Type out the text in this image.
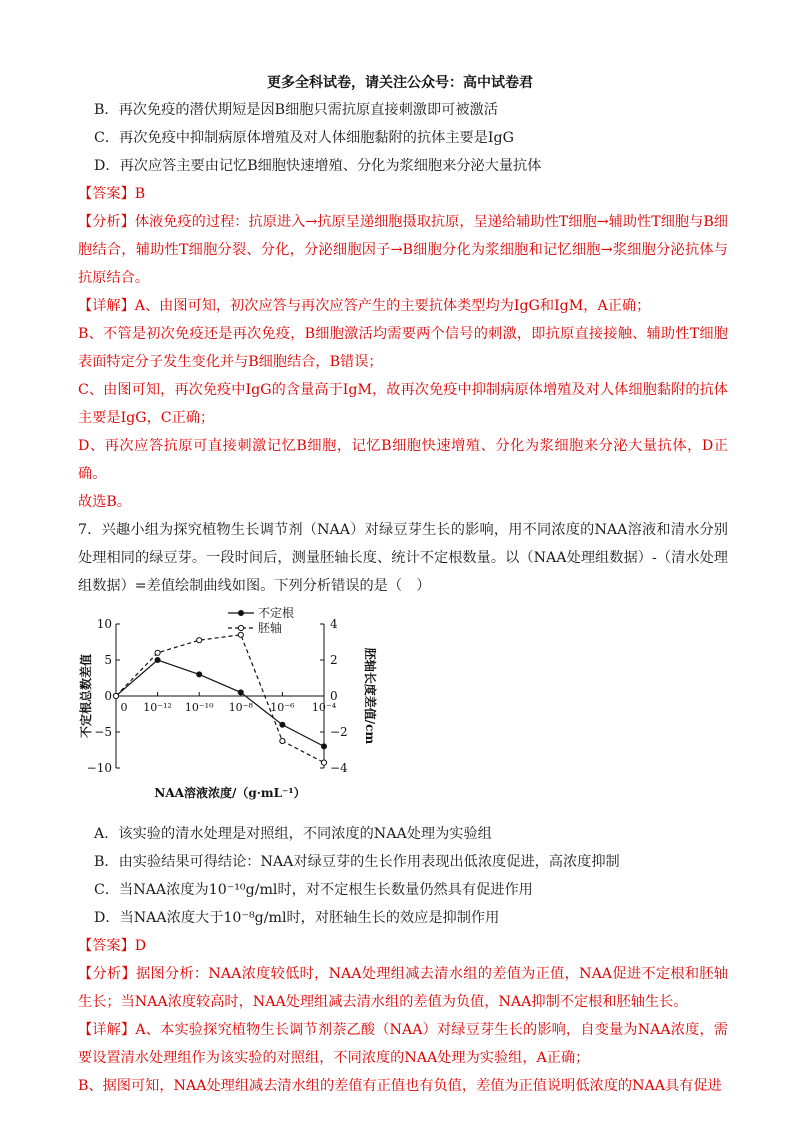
更多全科试卷，请关注公众号：高中试卷君
B．再次免疫的潜伏期短是因B细胞只需抗原直接刺激即可被激活
C．再次免疫中抑制病原体增殖及对人体细胞黏附的抗体主要是IgG
D．再次应答主要由记忆B细胞快速增殖、分化为浆细胞来分泌大量抗体
【答案】B
【分析】体液免疫的过程：抗原进入→抗原呈递细胞摄取抗原，呈递给辅助性T细胞→辅助性T细胞与B细胞结合，辅助性T细胞分裂、分化，分泌细胞因子→B细胞分化为浆细胞和记忆细胞→浆细胞分泌抗体与抗原结合。
【详解】A、由图可知，初次应答与再次应答产生的主要抗体类型均为IgG和IgM，A正确；
B、不管是初次免疫还是再次免疫，B细胞激活均需要两个信号的刺激，即抗原直接接触、辅助性T细胞表面特定分子发生变化并与B细胞结合，B错误；
C、由图可知，再次免疫中IgG的含量高于IgM，故再次免疫中抑制病原体增殖及对人体细胞黏附的抗体主要是IgG，C正确；
D、再次应答抗原可直接刺激记忆B细胞，记忆B细胞快速增殖、分化为浆细胞来分泌大量抗体，D正确。
故选B。
7．兴趣小组为探究植物生长调节剂（NAA）对绿豆芽生长的影响，用不同浓度的NAA溶液和清水分别处理相同的绿豆芽。一段时间后，测量胚轴长度、统计不定根数量。以（NAA处理组数据）-（清水处理组数据）=差值绘制曲线如图。下列分析错误的是（　）
10
5
0
−5
−10
4
2
0
−2
−4
0 10⁻¹² 10⁻¹⁰ 10⁻⁸ 10⁻⁶ 10⁻⁴
不定根总数差值	胚轴长度差值/cm
NAA溶液浓度/（g·mL⁻¹）
不定根
胚轴
A．该实验的清水处理是对照组，不同浓度的NAA处理为实验组
B．由实验结果可得结论：NAA对绿豆芽的生长作用表现出低浓度促进，高浓度抑制
C．当NAA浓度为10⁻¹⁰g/ml时，对不定根生长数量仍然具有促进作用
D．当NAA浓度大于10⁻⁸g/ml时，对胚轴生长的效应是抑制作用
【答案】D
【分析】据图分析：NAA浓度较低时，NAA处理组减去清水组的差值为正值，NAA促进不定根和胚轴生长；当NAA浓度较高时，NAA处理组减去清水组的差值为负值，NAA抑制不定根和胚轴生长。
【详解】A、本实验探究植物生长调节剂萘乙酸（NAA）对绿豆芽生长的影响，自变量为NAA浓度，需要设置清水处理组作为该实验的对照组，不同浓度的NAA处理为实验组，A正确；
B、据图可知，NAA处理组减去清水组的差值有正值也有负值，差值为正值说明低浓度的NAA具有促进
